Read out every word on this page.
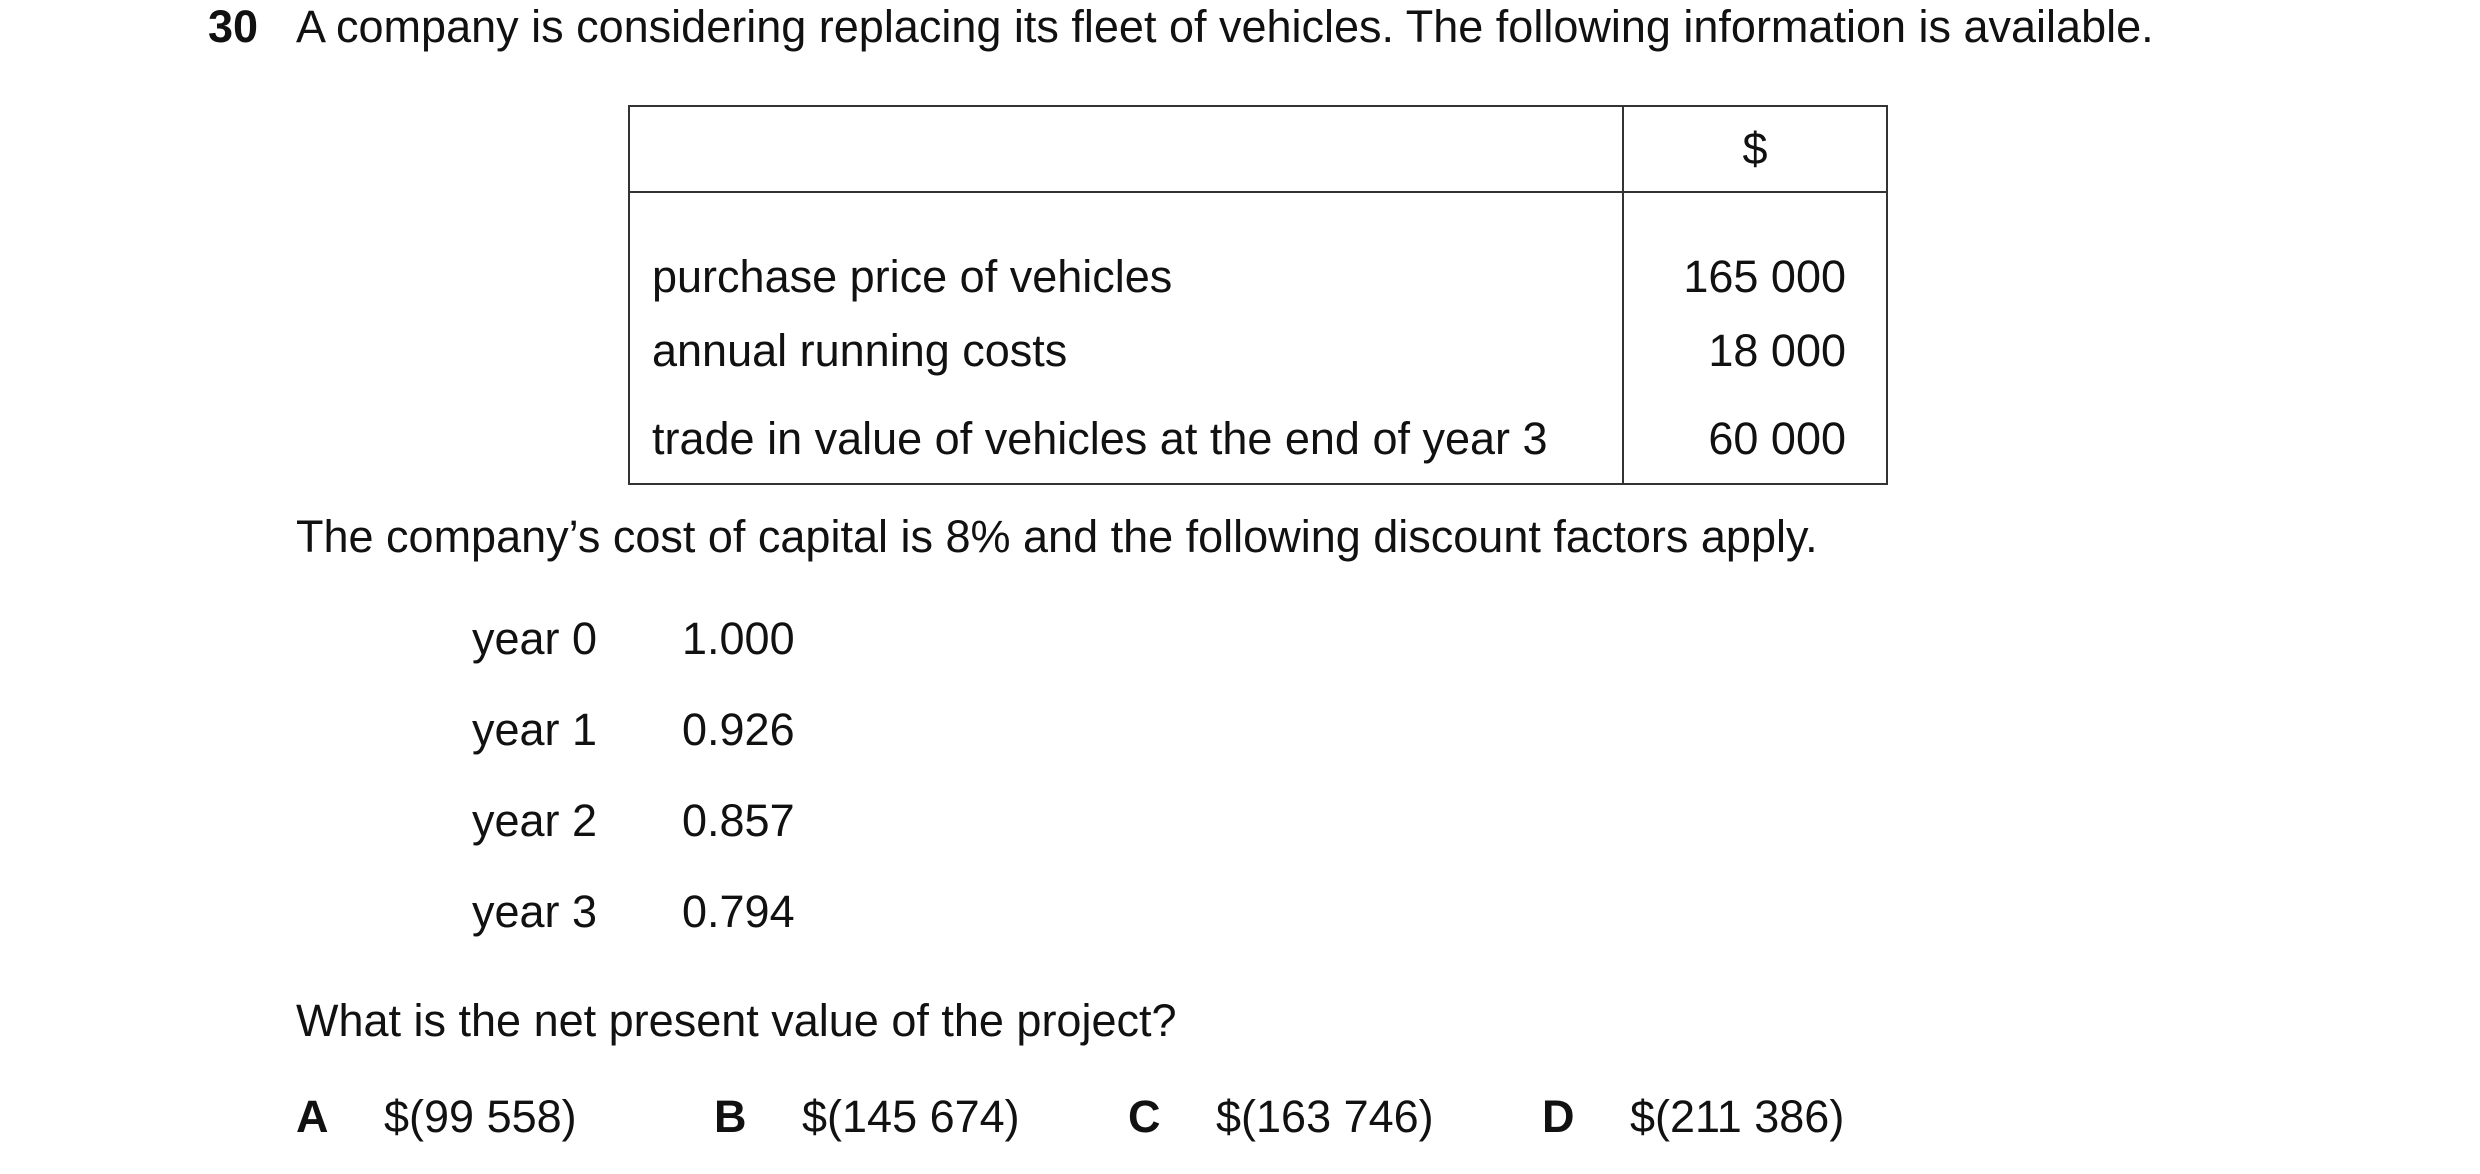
30 A company is considering replacing its fleet of vehicles. The following information is available.
	$
purchase price of vehicles	165 000
annual running costs	18 000
trade in value of vehicles at the end of year 3	60 000
The company’s cost of capital is 8% and the following discount factors apply.
year 0 1.000
year 1 0.926
year 2 0.857
year 3 0.794
What is the net present value of the project?
A $(99 558)	B $(145 674) C $(163 746) D $(211 386)
